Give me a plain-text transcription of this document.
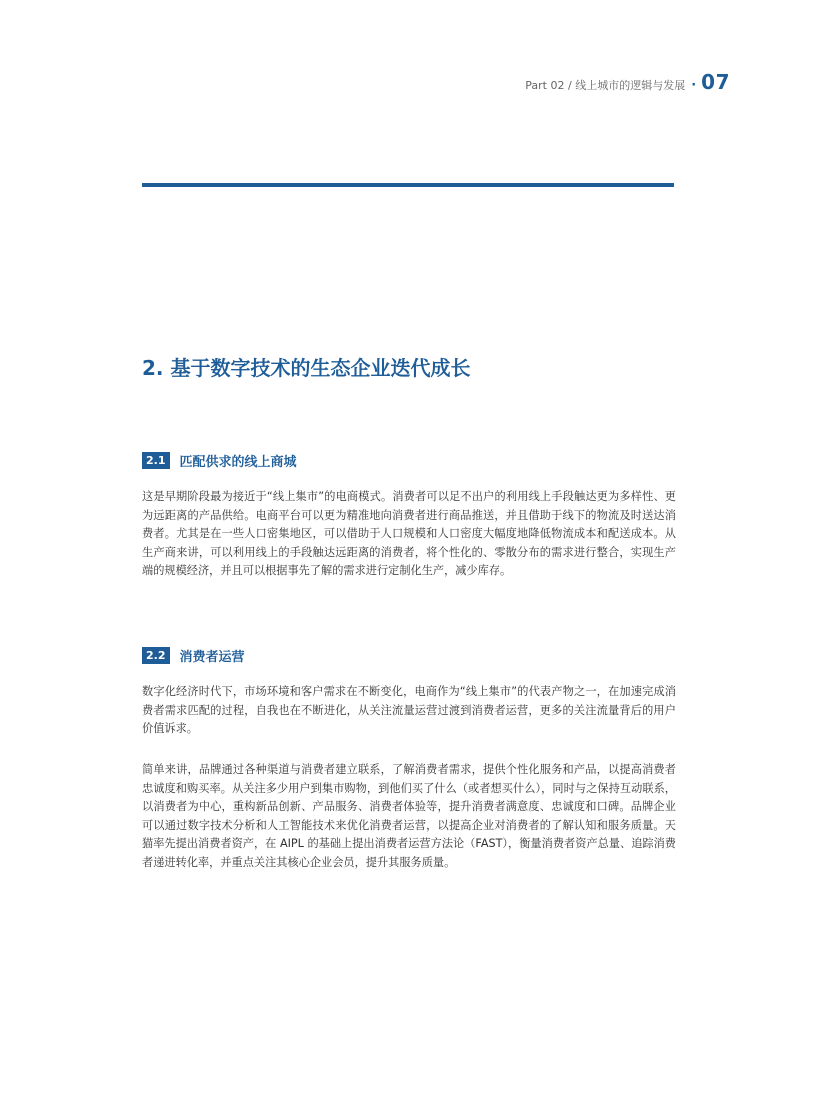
Part 02 / 线上城市的逻辑与发展 · 07
2. 基于数字技术的生态企业迭代成长
2.1	匹配供求的线上商城

这是早期阶段最为接近于“线上集市”的电商模式。消费者可以足不出户的利用线上手段触达更为多样性、更为远距离的产品供给。电商平台可以更为精准地向消费者进行商品推送，并且借助于线下的物流及时送达消费者。尤其是在一些人口密集地区，可以借助于人口规模和人口密度大幅度地降低物流成本和配送成本。从生产商来讲，可以利用线上的手段触达远距离的消费者，将个性化的、零散分布的需求进行整合，实现生产端的规模经济，并且可以根据事先了解的需求进行定制化生产，减少库存。

2.2	消费者运营

数字化经济时代下，市场环境和客户需求在不断变化，电商作为“线上集市”的代表产物之一，在加速完成消费者需求匹配的过程，自我也在不断进化，从关注流量运营过渡到消费者运营，更多的关注流量背后的用户价值诉求。

简单来讲，品牌通过各种渠道与消费者建立联系，了解消费者需求，提供个性化服务和产品，以提高消费者忠诚度和购买率。从关注多少用户到集市购物，到他们买了什么（或者想买什么），同时与之保持互动联系，以消费者为中心，重构新品创新、产品服务、消费者体验等，提升消费者满意度、忠诚度和口碑。品牌企业可以通过数字技术分析和人工智能技术来优化消费者运营，以提高企业对消费者的了解认知和服务质量。天猫率先提出消费者资产，在 AIPL 的基础上提出消费者运营方法论（FAST），衡量消费者资产总量、追踪消费者递进转化率，并重点关注其核心企业会员，提升其服务质量。
